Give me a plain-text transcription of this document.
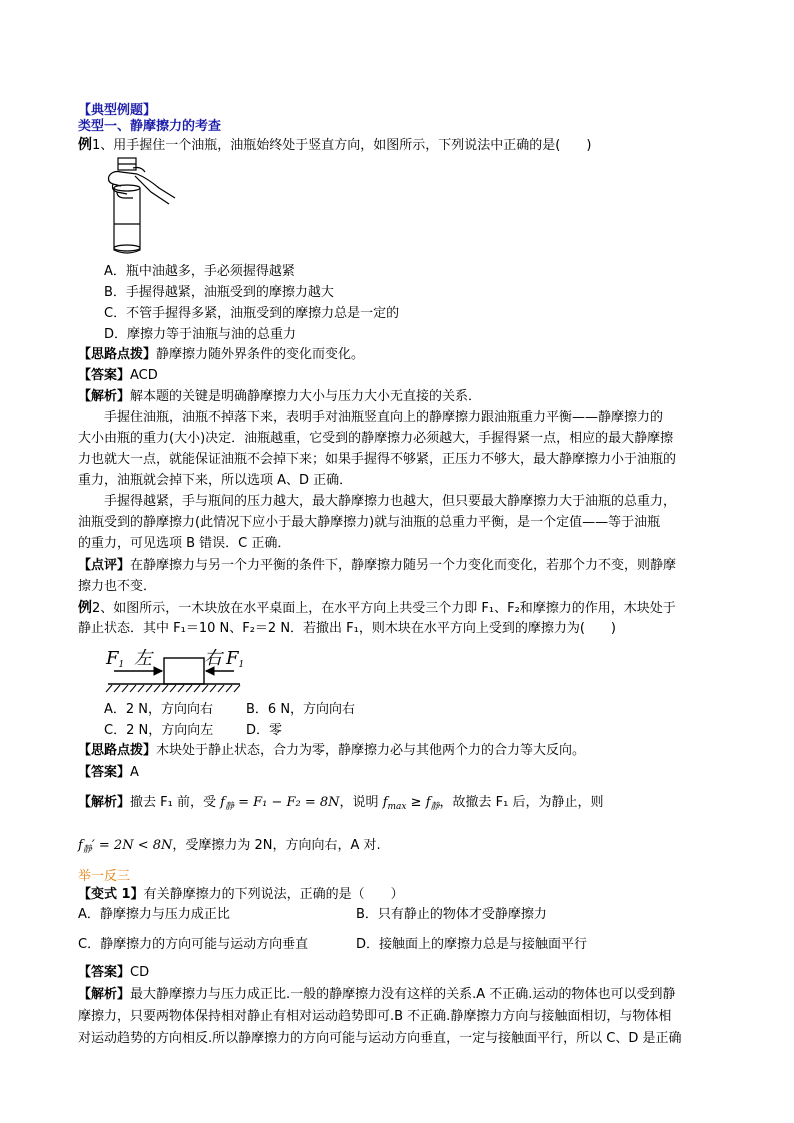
【典型例题】
类型一、静摩擦力的考查
例1、用手握住一个油瓶，油瓶始终处于竖直方向，如图所示，下列说法中正确的是(　　)
A．瓶中油越多，手必须握得越紧
B．手握得越紧，油瓶受到的摩擦力越大
C．不管手握得多紧，油瓶受到的摩擦力总是一定的
D．摩擦力等于油瓶与油的总重力
【思路点拨】静摩擦力随外界条件的变化而变化。
【答案】ACD
【解析】解本题的关键是明确静摩擦力大小与压力大小无直接的关系．
手握住油瓶，油瓶不掉落下来，表明手对油瓶竖直向上的静摩擦力跟油瓶重力平衡——静摩擦力的
大小由瓶的重力(大小)决定．油瓶越重，它受到的静摩擦力必须越大，手握得紧一点，相应的最大静摩擦
力也就大一点，就能保证油瓶不会掉下来；如果手握得不够紧，正压力不够大，最大静摩擦力小于油瓶的
重力，油瓶就会掉下来，所以选项 A、D 正确．
手握得越紧，手与瓶间的压力越大，最大静摩擦力也越大，但只要最大静摩擦力大于油瓶的总重力，
油瓶受到的静摩擦力(此情况下应小于最大静摩擦力)就与油瓶的总重力平衡，是一个定值——等于油瓶
的重力，可见选项 B 错误．C 正确．
【点评】在静摩擦力与另一个力平衡的条件下，静摩擦力随另一个力变化而变化，若那个力不变，则静摩
擦力也不变．
例2、如图所示，一木块放在水平桌面上，在水平方向上共受三个力即 F₁、F₂和摩擦力的作用，木块处于
静止状态．其中 F₁＝10 N、F₂＝2 N．若撤出 F₁，则木块在水平方向上受到的摩擦力为(　　)
$F_1$ 左	右 $F_1$
A．2 N，方向向右	B．6 N，方向向右
C．2 N，方向向左	D．零
【思路点拨】木块处于静止状态，合力为零，静摩擦力必与其他两个力的合力等大反向。
【答案】A
【解析】撤去 F₁ 前，受 $f_静 = F_1 - F_2 = 8N$，说明 $f_{max} \ge f_静$，故撤去 F₁ 后，为静止，则
$f_静' = 2N < 8N$，受摩擦力为 2N，方向向右，A 对.
举一反三
【变式 1】有关静摩擦力的下列说法，正确的是（　　）
A．静摩擦力与压力成正比	B．只有静止的物体才受静摩擦力
C．静摩擦力的方向可能与运动方向垂直	D．接触面上的摩擦力总是与接触面平行
【答案】CD
【解析】最大静摩擦力与压力成正比.一般的静摩擦力没有这样的关系.A 不正确.运动的物体也可以受到静
摩擦力，只要两物体保持相对静止有相对运动趋势即可.B 不正确.静摩擦力方向与接触面相切，与物体相
对运动趋势的方向相反.所以静摩擦力的方向可能与运动方向垂直，一定与接触面平行，所以 C、D 是正确
